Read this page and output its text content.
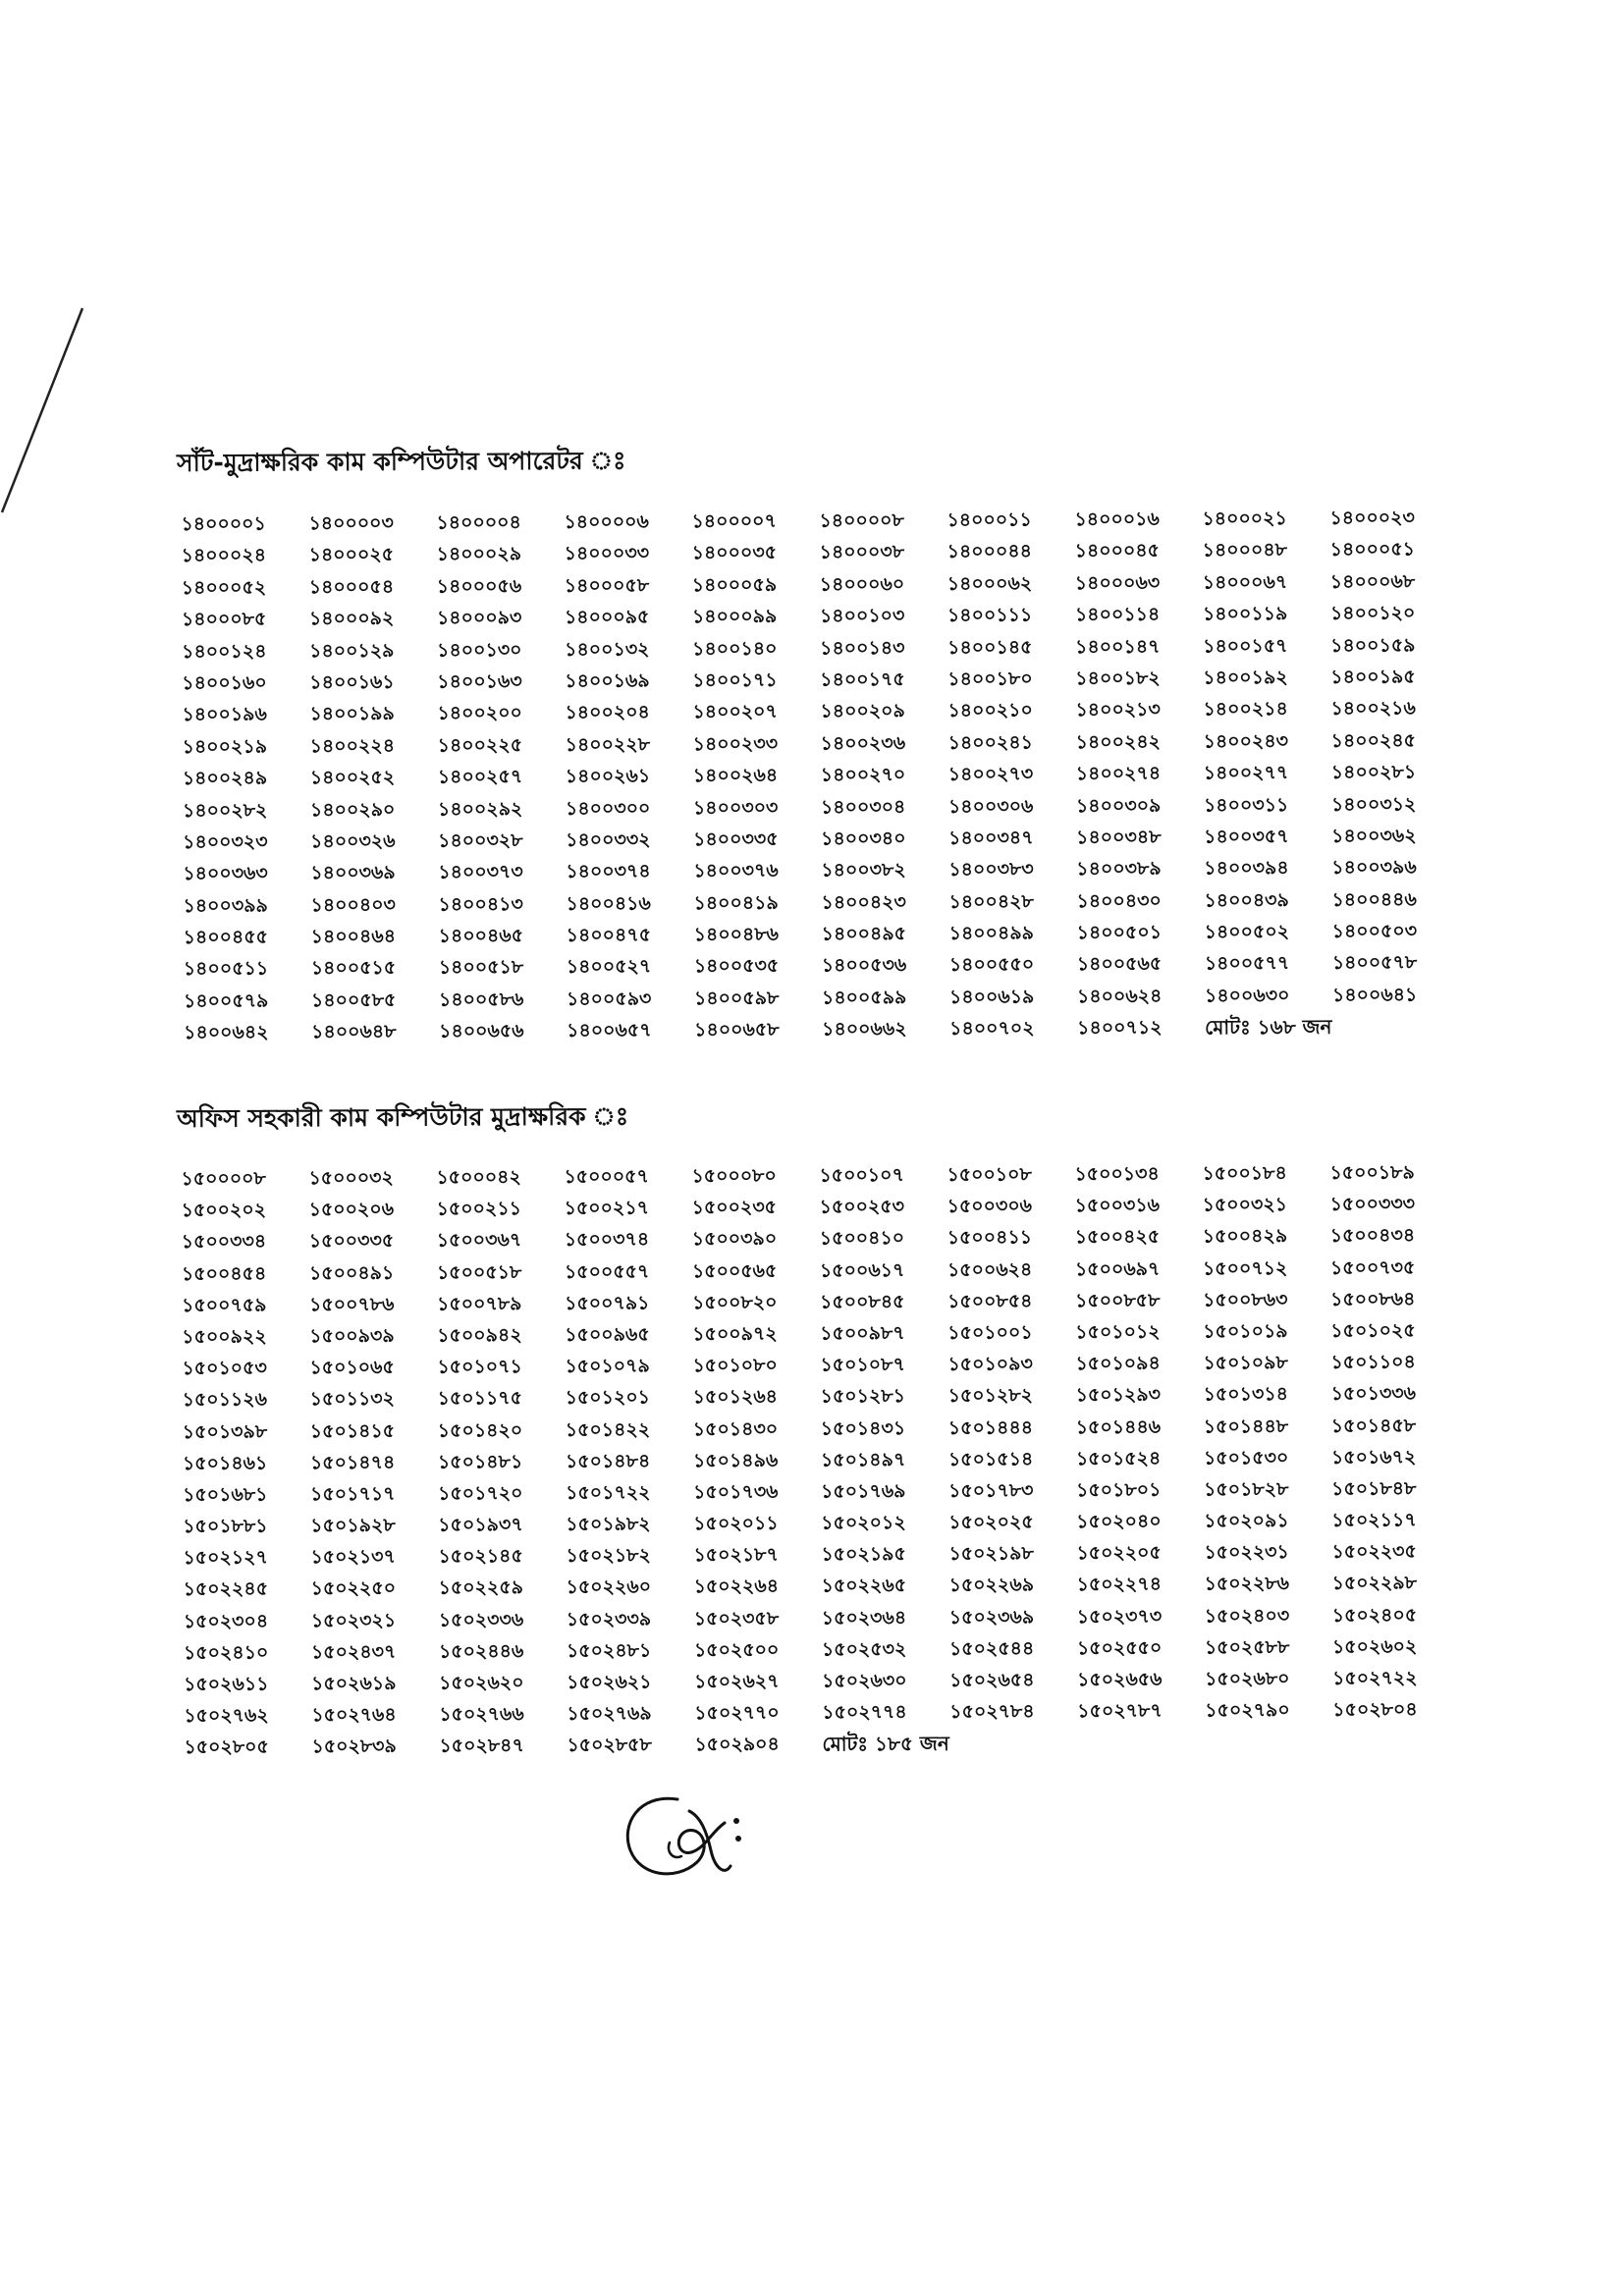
সাঁট-মুদ্রাক্ষরিক কাম কম্পিউটার অপারেটর ঃ
১৪০০০০১	১৪০০০০৩	১৪০০০০৪	১৪০০০০৬	১৪০০০০৭	১৪০০০০৮	১৪০০০১১	১৪০০০১৬	১৪০০০২১	১৪০০০২৩
১৪০০০২৪	১৪০০০২৫	১৪০০০২৯	১৪০০০৩৩	১৪০০০৩৫	১৪০০০৩৮	১৪০০০৪৪	১৪০০০৪৫	১৪০০০৪৮	১৪০০০৫১
১৪০০০৫২	১৪০০০৫৪	১৪০০০৫৬	১৪০০০৫৮	১৪০০০৫৯	১৪০০০৬০	১৪০০০৬২	১৪০০০৬৩	১৪০০০৬৭	১৪০০০৬৮
১৪০০০৮৫	১৪০০০৯২	১৪০০০৯৩	১৪০০০৯৫	১৪০০০৯৯	১৪০০১০৩	১৪০০১১১	১৪০০১১৪	১৪০০১১৯	১৪০০১২০
১৪০০১২৪	১৪০০১২৯	১৪০০১৩০	১৪০০১৩২	১৪০০১৪০	১৪০০১৪৩	১৪০০১৪৫	১৪০০১৪৭	১৪০০১৫৭	১৪০০১৫৯
১৪০০১৬০	১৪০০১৬১	১৪০০১৬৩	১৪০০১৬৯	১৪০০১৭১	১৪০০১৭৫	১৪০০১৮০	১৪০০১৮২	১৪০০১৯২	১৪০০১৯৫
১৪০০১৯৬	১৪০০১৯৯	১৪০০২০০	১৪০০২০৪	১৪০০২০৭	১৪০০২০৯	১৪০০২১০	১৪০০২১৩	১৪০০২১৪	১৪০০২১৬
১৪০০২১৯	১৪০০২২৪	১৪০০২২৫	১৪০০২২৮	১৪০০২৩৩	১৪০০২৩৬	১৪০০২৪১	১৪০০২৪২	১৪০০২৪৩	১৪০০২৪৫
১৪০০২৪৯	১৪০০২৫২	১৪০০২৫৭	১৪০০২৬১	১৪০০২৬৪	১৪০০২৭০	১৪০০২৭৩	১৪০০২৭৪	১৪০০২৭৭	১৪০০২৮১
১৪০০২৮২	১৪০০২৯০	১৪০০২৯২	১৪০০৩০০	১৪০০৩০৩	১৪০০৩০৪	১৪০০৩০৬	১৪০০৩০৯	১৪০০৩১১	১৪০০৩১২
১৪০০৩২৩	১৪০০৩২৬	১৪০০৩২৮	১৪০০৩৩২	১৪০০৩৩৫	১৪০০৩৪০	১৪০০৩৪৭	১৪০০৩৪৮	১৪০০৩৫৭	১৪০০৩৬২
১৪০০৩৬৩	১৪০০৩৬৯	১৪০০৩৭৩	১৪০০৩৭৪	১৪০০৩৭৬	১৪০০৩৮২	১৪০০৩৮৩	১৪০০৩৮৯	১৪০০৩৯৪	১৪০০৩৯৬
১৪০০৩৯৯	১৪০০৪০৩	১৪০০৪১৩	১৪০০৪১৬	১৪০০৪১৯	১৪০০৪২৩	১৪০০৪২৮	১৪০০৪৩০	১৪০০৪৩৯	১৪০০৪৪৬
১৪০০৪৫৫	১৪০০৪৬৪	১৪০০৪৬৫	১৪০০৪৭৫	১৪০০৪৮৬	১৪০০৪৯৫	১৪০০৪৯৯	১৪০০৫০১	১৪০০৫০২	১৪০০৫০৩
১৪০০৫১১	১৪০০৫১৫	১৪০০৫১৮	১৪০০৫২৭	১৪০০৫৩৫	১৪০০৫৩৬	১৪০০৫৫০	১৪০০৫৬৫	১৪০০৫৭৭	১৪০০৫৭৮
১৪০০৫৭৯	১৪০০৫৮৫	১৪০০৫৮৬	১৪০০৫৯৩	১৪০০৫৯৮	১৪০০৫৯৯	১৪০০৬১৯	১৪০০৬২৪	১৪০০৬৩০	১৪০০৬৪১
১৪০০৬৪২	১৪০০৬৪৮	১৪০০৬৫৬	১৪০০৬৫৭	১৪০০৬৫৮	১৪০০৬৬২	১৪০০৭০২	১৪০০৭১২	মোটঃ ১৬৮ জন
অফিস সহকারী কাম কম্পিউটার মুদ্রাক্ষরিক ঃ
১৫০০০০৮	১৫০০০৩২	১৫০০০৪২	১৫০০০৫৭	১৫০০০৮০	১৫০০১০৭	১৫০০১০৮	১৫০০১৩৪	১৫০০১৮৪	১৫০০১৮৯
১৫০০২০২	১৫০০২০৬	১৫০০২১১	১৫০০২১৭	১৫০০২৩৫	১৫০০২৫৩	১৫০০৩০৬	১৫০০৩১৬	১৫০০৩২১	১৫০০৩৩৩
১৫০০৩৩৪	১৫০০৩৩৫	১৫০০৩৬৭	১৫০০৩৭৪	১৫০০৩৯০	১৫০০৪১০	১৫০০৪১১	১৫০০৪২৫	১৫০০৪২৯	১৫০০৪৩৪
১৫০০৪৫৪	১৫০০৪৯১	১৫০০৫১৮	১৫০০৫৫৭	১৫০০৫৬৫	১৫০০৬১৭	১৫০০৬২৪	১৫০০৬৯৭	১৫০০৭১২	১৫০০৭৩৫
১৫০০৭৫৯	১৫০০৭৮৬	১৫০০৭৮৯	১৫০০৭৯১	১৫০০৮২০	১৫০০৮৪৫	১৫০০৮৫৪	১৫০০৮৫৮	১৫০০৮৬৩	১৫০০৮৬৪
১৫০০৯২২	১৫০০৯৩৯	১৫০০৯৪২	১৫০০৯৬৫	১৫০০৯৭২	১৫০০৯৮৭	১৫০১০০১	১৫০১০১২	১৫০১০১৯	১৫০১০২৫
১৫০১০৫৩	১৫০১০৬৫	১৫০১০৭১	১৫০১০৭৯	১৫০১০৮০	১৫০১০৮৭	১৫০১০৯৩	১৫০১০৯৪	১৫০১০৯৮	১৫০১১০৪
১৫০১১২৬	১৫০১১৩২	১৫০১১৭৫	১৫০১২০১	১৫০১২৬৪	১৫০১২৮১	১৫০১২৮২	১৫০১২৯৩	১৫০১৩১৪	১৫০১৩৩৬
১৫০১৩৯৮	১৫০১৪১৫	১৫০১৪২০	১৫০১৪২২	১৫০১৪৩০	১৫০১৪৩১	১৫০১৪৪৪	১৫০১৪৪৬	১৫০১৪৪৮	১৫০১৪৫৮
১৫০১৪৬১	১৫০১৪৭৪	১৫০১৪৮১	১৫০১৪৮৪	১৫০১৪৯৬	১৫০১৪৯৭	১৫০১৫১৪	১৫০১৫২৪	১৫০১৫৩০	১৫০১৬৭২
১৫০১৬৮১	১৫০১৭১৭	১৫০১৭২০	১৫০১৭২২	১৫০১৭৩৬	১৫০১৭৬৯	১৫০১৭৮৩	১৫০১৮০১	১৫০১৮২৮	১৫০১৮৪৮
১৫০১৮৮১	১৫০১৯২৮	১৫০১৯৩৭	১৫০১৯৮২	১৫০২০১১	১৫০২০১২	১৫০২০২৫	১৫০২০৪০	১৫০২০৯১	১৫০২১১৭
১৫০২১২৭	১৫০২১৩৭	১৫০২১৪৫	১৫০২১৮২	১৫০২১৮৭	১৫০২১৯৫	১৫০২১৯৮	১৫০২২০৫	১৫০২২৩১	১৫০২২৩৫
১৫০২২৪৫	১৫০২২৫০	১৫০২২৫৯	১৫০২২৬০	১৫০২২৬৪	১৫০২২৬৫	১৫০২২৬৯	১৫০২২৭৪	১৫০২২৮৬	১৫০২২৯৮
১৫০২৩০৪	১৫০২৩২১	১৫০২৩৩৬	১৫০২৩৩৯	১৫০২৩৫৮	১৫০২৩৬৪	১৫০২৩৬৯	১৫০২৩৭৩	১৫০২৪০৩	১৫০২৪০৫
১৫০২৪১০	১৫০২৪৩৭	১৫০২৪৪৬	১৫০২৪৮১	১৫০২৫০০	১৫০২৫৩২	১৫০২৫৪৪	১৫০২৫৫০	১৫০২৫৮৮	১৫০২৬০২
১৫০২৬১১	১৫০২৬১৯	১৫০২৬২০	১৫০২৬২১	১৫০২৬২৭	১৫০২৬৩০	১৫০২৬৫৪	১৫০২৬৫৬	১৫০২৬৮০	১৫০২৭২২
১৫০২৭৬২	১৫০২৭৬৪	১৫০২৭৬৬	১৫০২৭৬৯	১৫০২৭৭০	১৫০২৭৭৪	১৫০২৭৮৪	১৫০২৭৮৭	১৫০২৭৯০	১৫০২৮০৪
১৫০২৮০৫	১৫০২৮৩৯	১৫০২৮৪৭	১৫০২৮৫৮	১৫০২৯০৪	মোটঃ ১৮৫ জন
